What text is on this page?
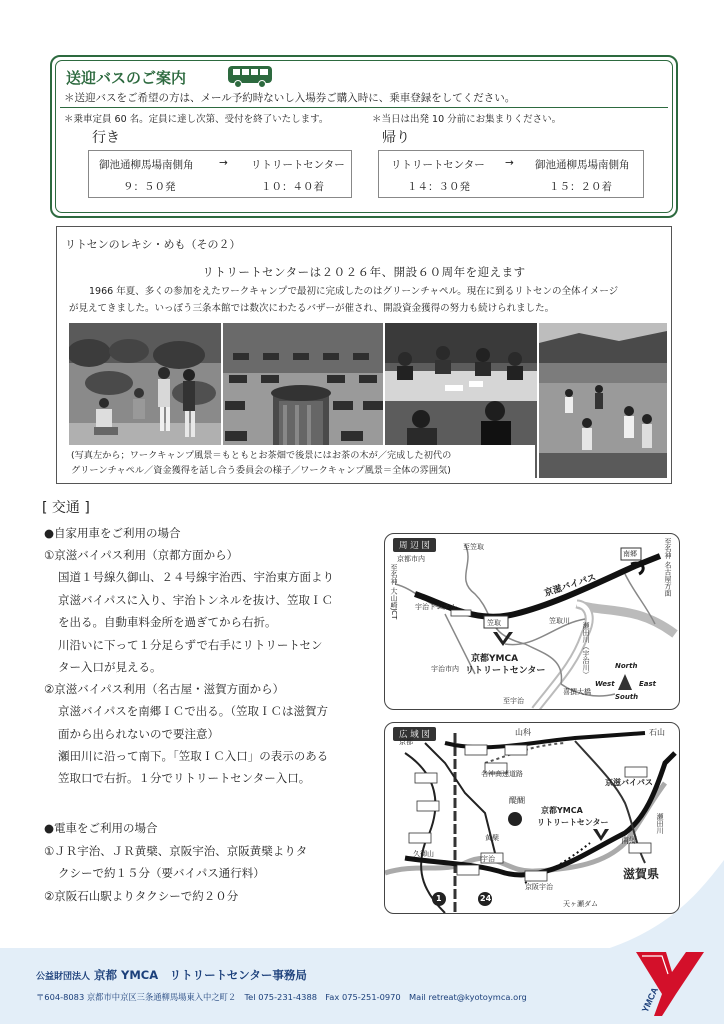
送迎バスのご案内
＊送迎バスをご希望の方は、メール予約時ないし入場券ご購入時に、乗車登録をしてください。
＊乗車定員 60 名。定員に達し次第、受付を終了いたします。	＊当日は出発 10 分前にお集まりください。
行き
御池通柳馬場南側角 → リトリートセンター
９：５０発	１０：４０着
帰り
リトリートセンター → 御池通柳馬場南側角
１４：３０発	１５：２０着
リトセンのレキシ・めも（その２）
リトリートセンターは２０２６年、開設６０周年を迎えます
1966 年夏、多くの参加をえたワークキャンプで最初に完成したのはグリーンチャペル。現在に到るリトセンの全体イメージ
が見えてきました。いっぽう三条本館では数次にわたるバザーが催され、開設資金獲得の努力も続けられました。
(写真左から；ワークキャンプ風景＝もともとお茶畑で後景にはお茶の木が／完成した初代の
グリーンチャペル／資金獲得を話し合う委員会の様子／ワークキャンプ風景＝全体の雰囲気)
[ 交通 ]
●自家用車をご利用の場合
①京滋バイパス利用（京都方面から）
国道１号線久御山、２４号線宇治西、宇治東方面より
京滋バイパスに入り、宇治トンネルを抜け、笠取ＩＣ
を出る。自動車料金所を過ぎてから右折。
川沿いに下って１分足らずで右手にリトリートセン
ター入口が見える。
②京滋バイパス利用（名古屋・滋賀方面から）
京滋バイパスを南郷ＩＣで出る。（笠取ＩＣは滋賀方
面から出られないので要注意）
瀬田川に沿って南下。「笠取ＩＣ入口」の表示のある
笠取口で右折。１分でリトリートセンター入口。
●電車をご利用の場合
①ＪＲ宇治、ＪＲ黄檗、京阪宇治、京阪黄檗よりタ
クシーで約１５分（要バイパス通行料）
②京阪石山駅よりタクシーで約２０分
周 辺 図
京都市内
至笠取
京滋バイパス
南郷	至名神 名古屋方面
至名神 大山崎JCT 宇治トンネル
笠取	笠取川
瀬田川（宇治川）
京都YMCA
リトリートセンター
宇治市内
至宇治
喜撰大橋
North
South
East
West
広 域 図	山科
京都
石山
名神高速道路
醍醐
京滋バイパス
京都YMCA
リトリートセンター
南郷
瀬田川
滋賀県
宇治
久御山
黄檗
京阪宇治
天ヶ瀬ダム
1	24
公益財団法人 京都 YMCA　リトリートセンター事務局
〒604-8083 京都市中京区三条通柳馬場東入中之町２　Tel 075-231-4388　Fax 075-251-0970　Mail retreat@kyotoymca.org	YMCA
